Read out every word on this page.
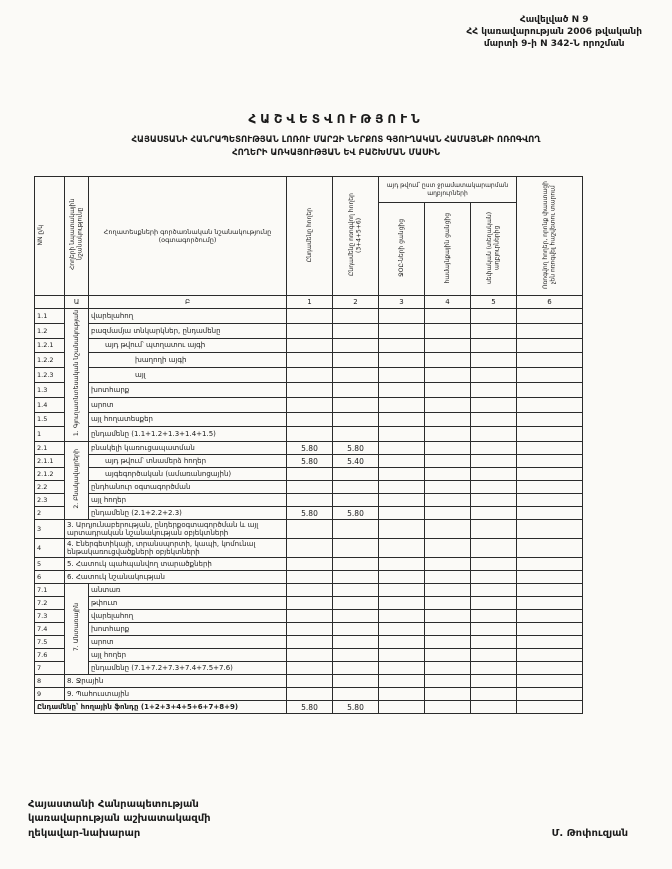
Հավելված N 9
ՀՀ կառավարության 2006 թվականի
մարտի 9-ի N 342-Ն որոշման
ՀԱՇՎԵՏՎՈՒԹՅՈՒՆ
ՀԱՅԱՍՏԱՆԻ ՀԱՆՐԱՊԵՏՈՒԹՅԱՆ ԼՈՌՈՒ ՄԱՐԶԻ ՆԵՐՔՈՏ ԳՅՈՒՂԱԿԱՆ ՀԱՄԱՅՆՔԻ ՈՌՈԳՎՈՂ
ՀՈՂԵՐԻ ԱՌԿԱՅՈՒԹՅԱՆ ԵՎ ԲԱՇԽՄԱՆ ՄԱՍԻՆ
NN ը/կ	Հողերի նպատակային նշանակությունը	Հողատեսքների գործառնական նշանակությունը (օգտագործումը)	Ընդամենը հողեր	Ընդամենը ոռոգվող հողեր (3+4+5+6)	այդ թվում՝ ըստ ջրամատակարարման աղբյուրների			Ոռոգվող հողեր, որոնք փաստացի չեն ոռոգվել հաշվետու տարում
					ՋՕԸ-ների ցանցից	համայնքային ցանցից	սեփական (տեղական) աղբյուրներից	
	Ա	Բ	1	2	3	4	5	6
1.1	1. Գյուղատնտեսական նշանակության	վարելահող						
1.2		բազմամյա տնկարկներ, ընդամենը						
1.2.1		այդ թվում՝ պտղատու այգի						
1.2.2		խաղողի այգի						
1.2.3		այլ						
1.3		խոտհարք						
1.4		արոտ						
1.5		այլ հողատեսքեր						
1		ընդամենը (1.1+1.2+1.3+1.4+1.5)						
2.1	2. Բնակավայրերի	բնակելի կառուցապատման	5.80	5.80				
2.1.1		այդ թվում՝ տնամերձ հողեր	5.80	5.40				
2.1.2		այգեգործական (ամառանոցային)						
2.2		ընդհանուր օգտագործման						
2.3		այլ հողեր						
2		ընդամենը (2.1+2.2+2.3)	5.80	5.80				
3	3. Արդյունաբերության, ընդերքօգտագործման և այլ արտադրական նշանակության օբյեկտների							
4	4. Էներգետիկայի, տրանսպորտի, կապի, կոմունալ ենթակառուցվածքների օբյեկտների							
5	5. Հատուկ պահպանվող տարածքների							
6	6. Հատուկ նշանակության							
7.1	7. Անտառային	անտառ						
7.2		թփուտ						
7.3		վարելահող						
7.4		խոտհարք						
7.5		արոտ						
7.6		այլ հողեր						
7		ընդամենը (7.1+7.2+7.3+7.4+7.5+7.6)						
8	8. Ջրային							
9	9. Պահուստային							
Ընդամենը՝ հողային ֆոնդը (1+2+3+4+5+6+7+8+9)			5.80	5.80				
Հայաստանի Հանրապետության
կառավարության աշխատակազմի
ղեկավար-նախարար	Մ. Թոփուզյան
